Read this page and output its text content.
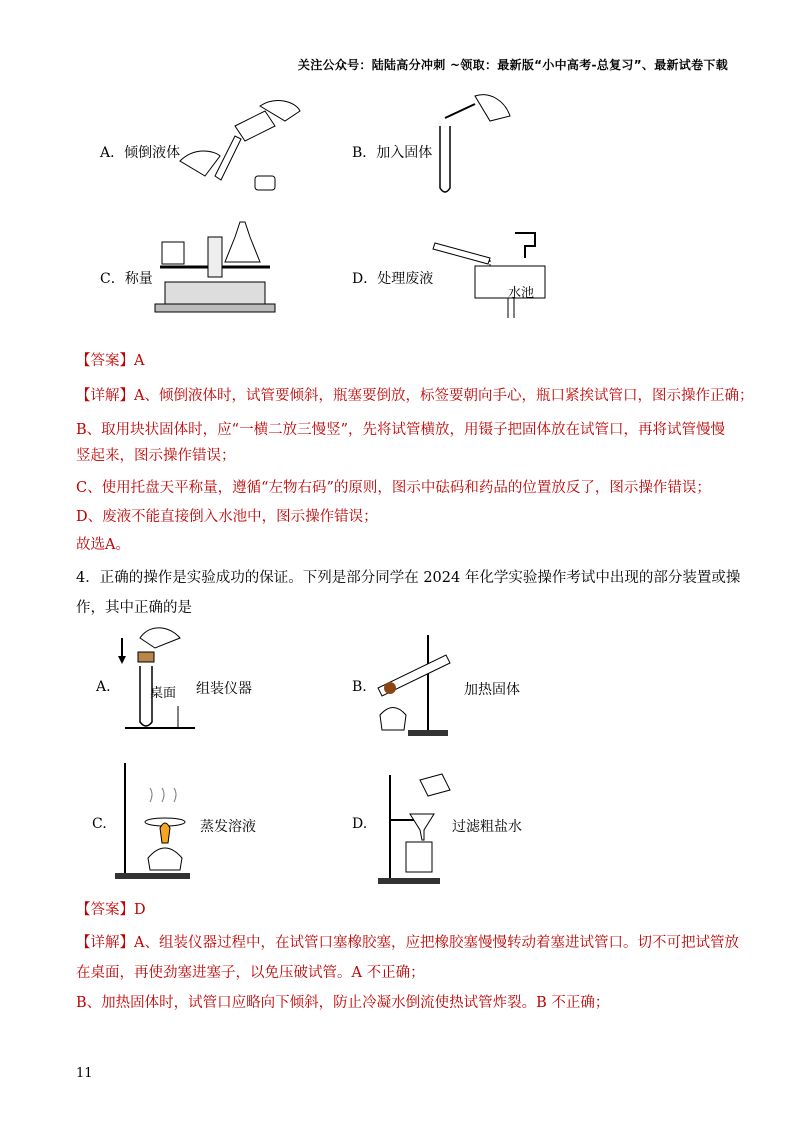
关注公众号：陆陆高分冲刺 ~领取：最新版“小中高考-总复习”、最新试卷下载
A．倾倒液体	B．加入固体
C．称量	D．处理废液
水池
【答案】A
【详解】A、倾倒液体时，试管要倾斜，瓶塞要倒放，标签要朝向手心，瓶口紧挨试管口，图示操作正确；
B、取用块状固体时，应“一横二放三慢竖”，先将试管横放，用镊子把固体放在试管口，再将试管慢慢
竖起来，图示操作错误；
C、使用托盘天平称量，遵循“左物右码”的原则，图示中砝码和药品的位置放反了，图示操作错误；
D、废液不能直接倒入水池中，图示操作错误；
故选A。
4．正确的操作是实验成功的保证。下列是部分同学在 2024 年化学实验操作考试中出现的部分装置或操
作，其中正确的是
A.	桌面 组装仪器	B.	加热固体
C.	蒸发溶液	D.	过滤粗盐水
【答案】D
【详解】A、组装仪器过程中，在试管口塞橡胶塞，应把橡胶塞慢慢转动着塞进试管口。切不可把试管放
在桌面，再使劲塞进塞子，以免压破试管。A 不正确；
B、加热固体时，试管口应略向下倾斜，防止冷凝水倒流使热试管炸裂。B 不正确；
11
